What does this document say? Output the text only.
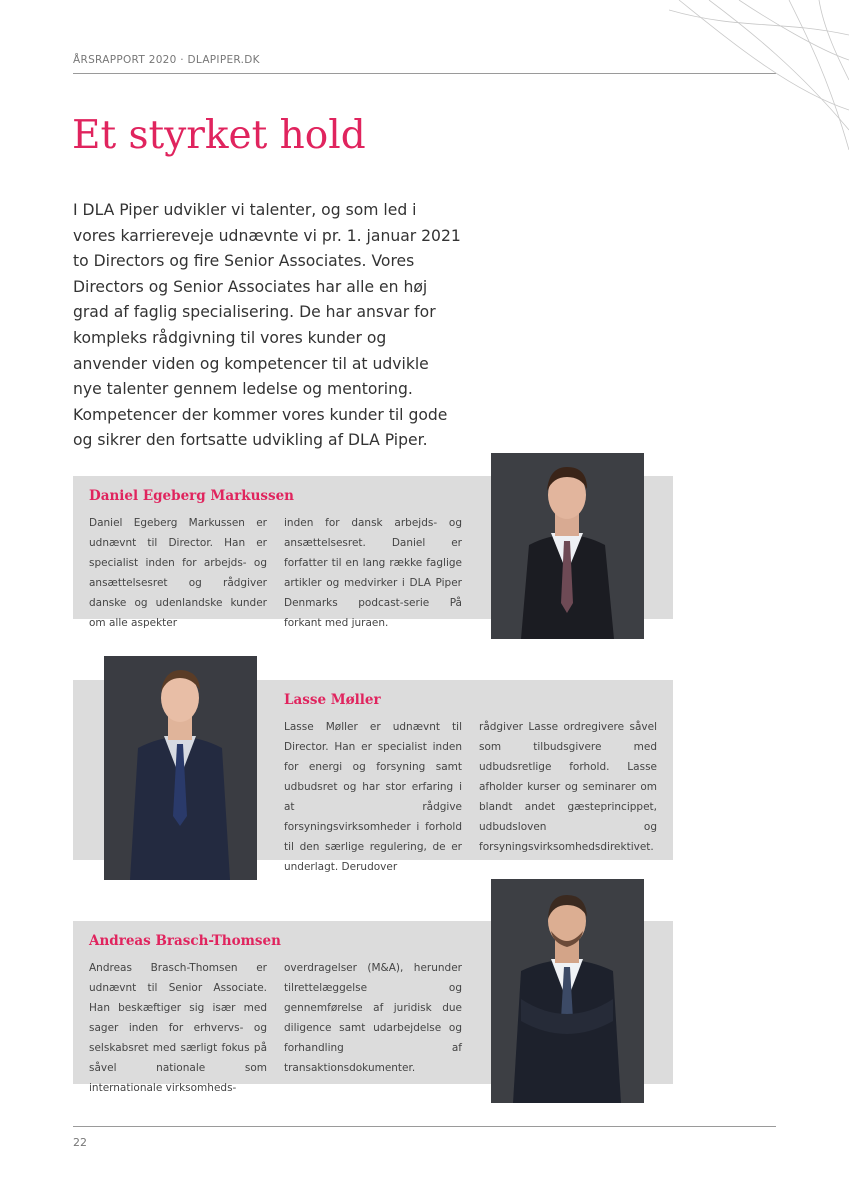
ÅRSRAPPORT 2020 · DLAPIPER.DK
Et styrket hold

I DLA Piper udvikler vi talenter, og som led i vores karriereveje udnævnte vi pr. 1. januar 2021 to Directors og fire Senior Associates. Vores Directors og Senior Associates har alle en høj grad af faglig specialisering. De har ansvar for kompleks rådgivning til vores kunder og anvender viden og kompetencer til at udvikle nye talenter gennem ledelse og mentoring. Kompetencer der kommer vores kunder til gode og sikrer den fortsatte udvikling af DLA Piper.

Daniel Egeberg Markussen

Daniel Egeberg Markussen er udnævnt til Director. Han er specialist inden for arbejds- og ansættelsesret og rådgiver danske og udenlandske kunder om alle aspekter

inden for dansk arbejds- og ansættelsesret. Daniel er forfatter til en lang række faglige artikler og medvirker i DLA Piper Denmarks podcast-serie På forkant med juraen.

Lasse Møller

Lasse Møller er udnævnt til Director. Han er specialist inden for energi og forsyning samt udbudsret og har stor erfaring i at rådgive forsyningsvirksomheder i forhold til den særlige regulering, de er underlagt. Derudover

rådgiver Lasse ordregivere såvel som tilbudsgivere med udbudsretlige forhold. Lasse afholder kurser og seminarer om blandt andet gæsteprincippet, udbudsloven og forsyningsvirksomhedsdirektivet.

Andreas Brasch-Thomsen

Andreas Brasch-Thomsen er udnævnt til Senior Associate. Han beskæftiger sig især med sager inden for erhvervs- og selskabsret med særligt fokus på såvel nationale som internationale virksomheds-

overdragelser (M&A), herunder tilrettelæggelse og gennemførelse af juridisk due diligence samt udarbejdelse og forhandling af transaktionsdokumenter.

22
